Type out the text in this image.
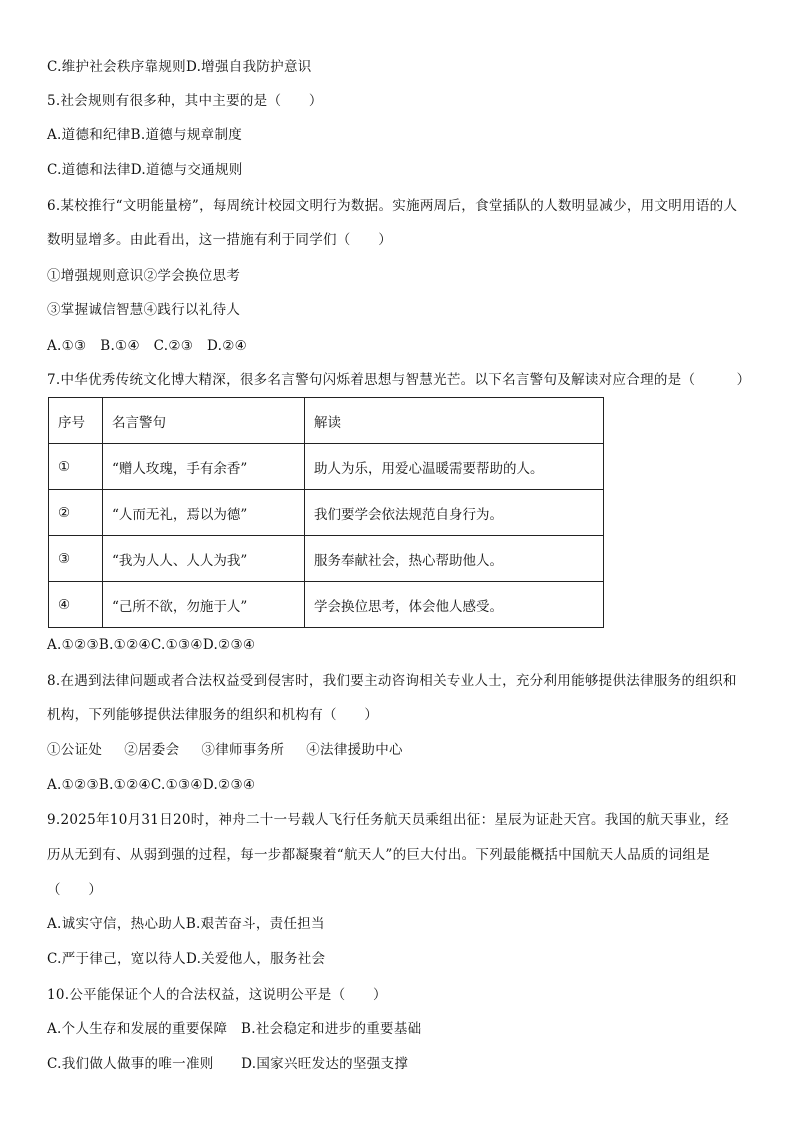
C.维护社会秩序靠规则D.增强自我防护意识
5.社会规则有很多种，其中主要的是（　　）
A.道德和纪律B.道德与规章制度
C.道德和法律D.道德与交通规则
6.某校推行“文明能量榜”，每周统计校园文明行为数据。实施两周后，食堂插队的人数明显减少，用文明用语的人
数明显增多。由此看出，这一措施有利于同学们（　　）
①增强规则意识②学会换位思考
③掌握诚信智慧④践行以礼待人
A.①③　B.①④　C.②③　D.②④
7.中华优秀传统文化博大精深，很多名言警句闪烁着思想与智慧光芒。以下名言警句及解读对应合理的是（　　　）
序号	名言警句	解读
①	“赠人玫瑰，手有余香”	助人为乐，用爱心温暖需要帮助的人。
②	“人而无礼，焉以为德”	我们要学会依法规范自身行为。
③	“我为人人、人人为我”	服务奉献社会，热心帮助他人。
④	“己所不欲，勿施于人”	学会换位思考，体会他人感受。
A.①②③B.①②④C.①③④D.②③④
8.在遇到法律问题或者合法权益受到侵害时，我们要主动咨询相关专业人士，充分利用能够提供法律服务的组织和
机构，下列能够提供法律服务的组织和机构有（　　）
①公证处 ②居委会 ③律师事务所 ④法律援助中心
A.①②③B.①②④C.①③④D.②③④
9.2025年10月31日20时，神舟二十一号载人飞行任务航天员乘组出征：星辰为证赴天宫。我国的航天事业，经
历从无到有、从弱到强的过程，每一步都凝聚着“航天人”的巨大付出。下列最能概括中国航天人品质的词组是
（　　）
A.诚实守信，热心助人B.艰苦奋斗，责任担当
C.严于律己，宽以待人D.关爱他人，服务社会
10.公平能保证个人的合法权益，这说明公平是（　　）
A.个人生存和发展的重要保障　B.社会稳定和进步的重要基础
C.我们做人做事的唯一准则　　D.国家兴旺发达的坚强支撑
